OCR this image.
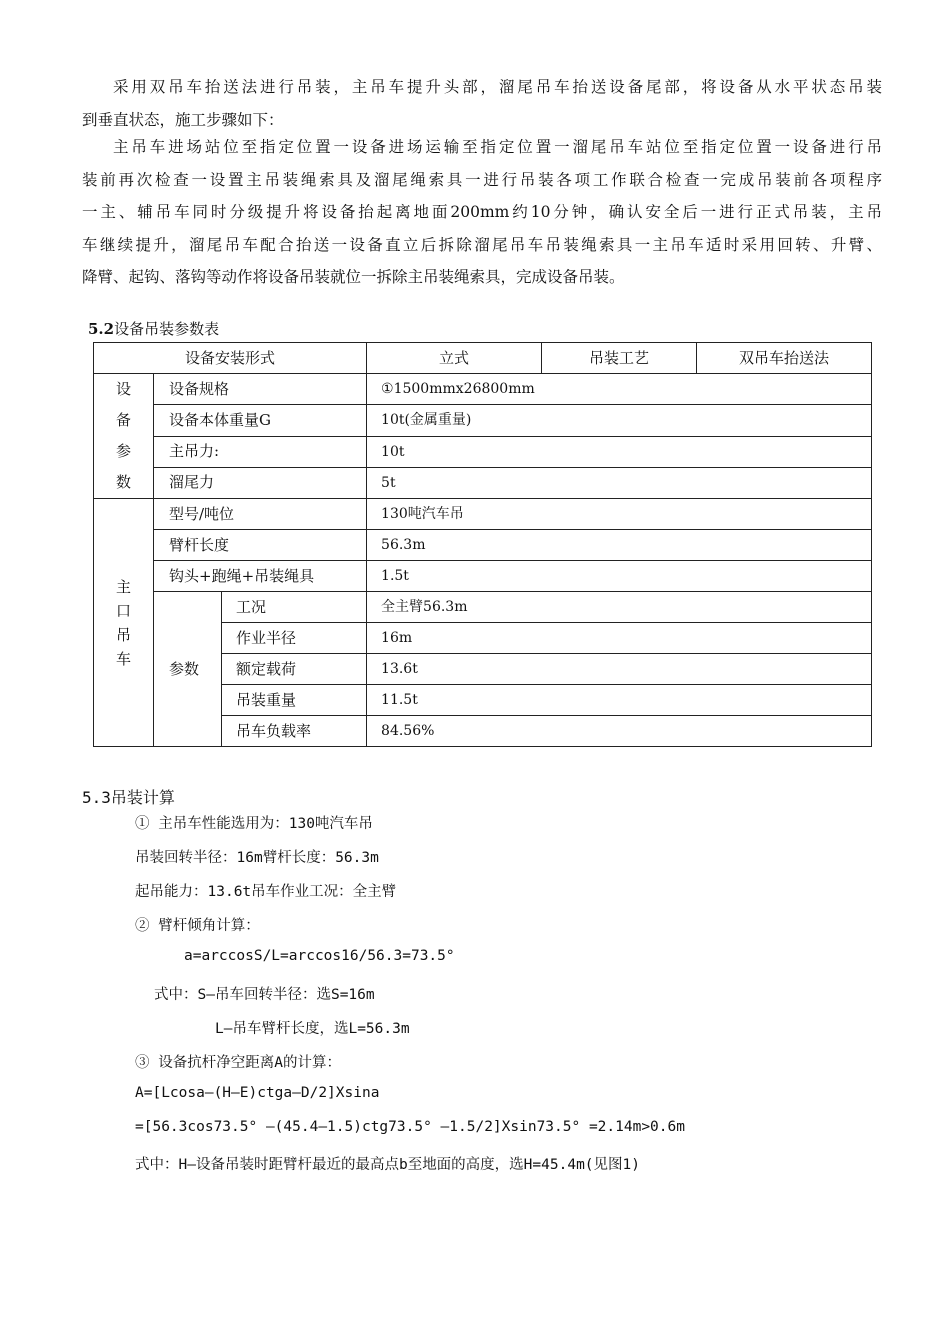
采用双吊车抬送法进行吊装，主吊车提升头部，溜尾吊车抬送设备尾部，将设备从水平状态吊装
到垂直状态，施工步骤如下：
主吊车进场站位至指定位置一设备进场运输至指定位置一溜尾吊车站位至指定位置一设备进行吊
装前再次检查一设置主吊装绳索具及溜尾绳索具一进行吊装各项工作联合检查一完成吊装前各项程序
一主、辅吊车同时分级提升将设备抬起离地面200mm约10分钟，确认安全后一进行正式吊装，主吊
车继续提升，溜尾吊车配合抬送一设备直立后拆除溜尾吊车吊装绳索具一主吊车适时采用回转、升臂、
降臂、起钩、落钩等动作将设备吊装就位一拆除主吊装绳索具，完成设备吊装。
5.2设备吊装参数表
设备安装形式			立式	吊装工艺	双吊车抬送法

设
备
参
数	设备规格		①1500mmx26800mm		
	设备本体重量G		10t(金属重量)		
	主吊力:		10t		
	溜尾力		5t		

主
口
吊
车	型号/吨位		130吨汽车吊		
	臂杆长度		56.3m		
	钩头+跑绳+吊装绳具		1.5t		
	参数	工况	全主臂56.3m		
		作业半径	16m		
		额定载荷	13.6t		
		吊装重量	11.5t		
		吊车负载率	84.56%		
5.3吊装计算
① 主吊车性能选用为：130吨汽车吊
吊装回转半径：16m臂杆长度：56.3m
起吊能力：13.6t吊车作业工况：全主臂
② 臂杆倾角计算：
a=arccosS/L=arccos16/56.3=73.5°
式中：S—吊车回转半径：选S=16m
L—吊车臂杆长度，选L=56.3m
③ 设备抗杆净空距离A的计算：
A=[Lcosa—(H—E)ctga—D/2]Xsina
=[56.3cos73.5° —(45.4—1.5)ctg73.5° —1.5/2]Xsin73.5° =2.14m>0.6m
式中：H—设备吊装时距臂杆最近的最高点b至地面的高度，选H=45.4m(见图1)
